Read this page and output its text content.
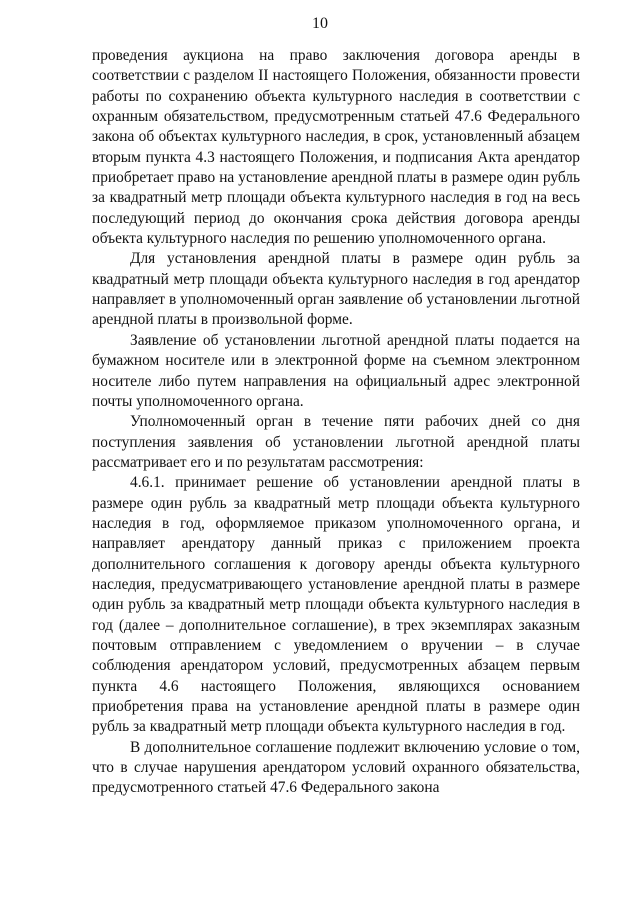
10

проведения аукциона на право заключения договора аренды в соответствии с разделом II настоящего Положения, обязанности провести работы по сохранению объекта культурного наследия в соответствии с охранным обязательством, предусмотренным статьей 47.6 Федерального закона об объектах культурного наследия, в срок, установленный абзацем вторым пункта 4.3 настоящего Положения, и подписания Акта арендатор приобретает право на установление арендной платы в размере один рубль за квадратный метр площади объекта культурного наследия в год на весь последующий период до окончания срока действия договора аренды объекта культурного наследия по решению уполномоченного органа.

Для установления арендной платы в размере один рубль за квадратный метр площади объекта культурного наследия в год арендатор направляет в уполномоченный орган заявление об установлении льготной арендной платы в произвольной форме.

Заявление об установлении льготной арендной платы подается на бумажном носителе или в электронной форме на съемном электронном носителе либо путем направления на официальный адрес электронной почты уполномоченного органа.

Уполномоченный орган в течение пяти рабочих дней со дня поступления заявления об установлении льготной арендной платы рассматривает его и по результатам рассмотрения:

4.6.1. принимает решение об установлении арендной платы в размере один рубль за квадратный метр площади объекта культурного наследия в год, оформляемое приказом уполномоченного органа, и направляет арендатору данный приказ с приложением проекта дополнительного соглашения к договору аренды объекта культурного наследия, предусматривающего установление арендной платы в размере один рубль за квадратный метр площади объекта культурного наследия в год (далее – дополнительное соглашение), в трех экземплярах заказным почтовым отправлением с уведомлением о вручении – в случае соблюдения арендатором условий, предусмотренных абзацем первым пункта 4.6 настоящего Положения, являющихся основанием приобретения права на установление арендной платы в размере один рубль за квадратный метр площади объекта культурного наследия в год.

В дополнительное соглашение подлежит включению условие о том, что в случае нарушения арендатором условий охранного обязательства, предусмотренного статьей 47.6 Федерального закона
